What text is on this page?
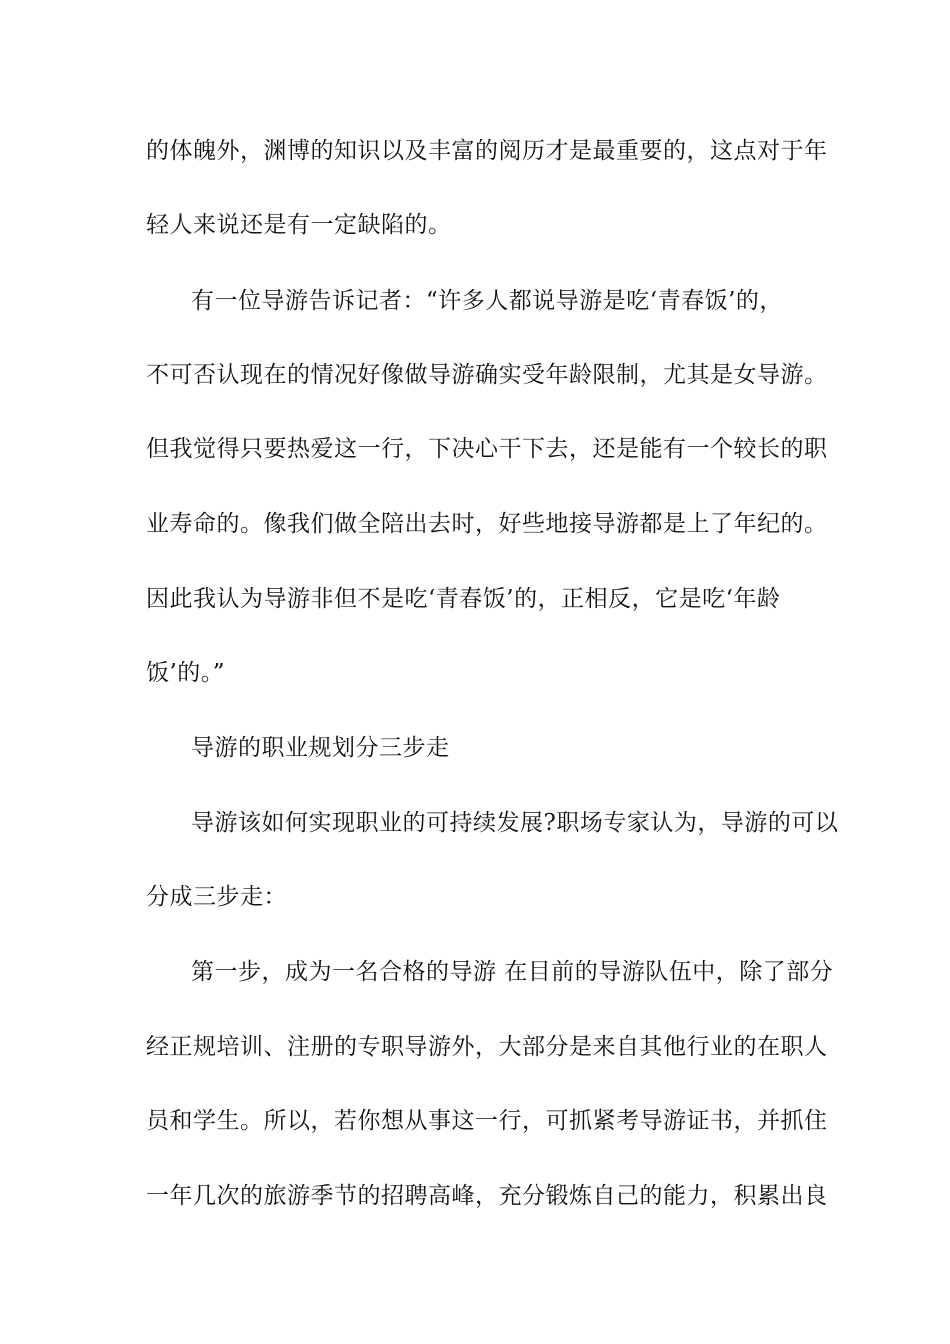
的体魄外，渊博的知识以及丰富的阅历才是最重要的，这点对于年
轻人来说还是有一定缺陷的。
有一位导游告诉记者：“许多人都说导游是吃‘青春饭’的，
不可否认现在的情况好像做导游确实受年龄限制，尤其是女导游。
但我觉得只要热爱这一行，下决心干下去，还是能有一个较长的职
业寿命的。像我们做全陪出去时，好些地接导游都是上了年纪的。
因此我认为导游非但不是吃‘青春饭’的，正相反，它是吃‘年龄
饭’的。”
导游的职业规划分三步走
导游该如何实现职业的可持续发展?职场专家认为，导游的可以
分成三步走：
第一步，成为一名合格的导游 在目前的导游队伍中，除了部分
经正规培训、注册的专职导游外，大部分是来自其他行业的在职人
员和学生。所以，若你想从事这一行，可抓紧考导游证书，并抓住
一年几次的旅游季节的招聘高峰，充分锻炼自己的能力，积累出良
